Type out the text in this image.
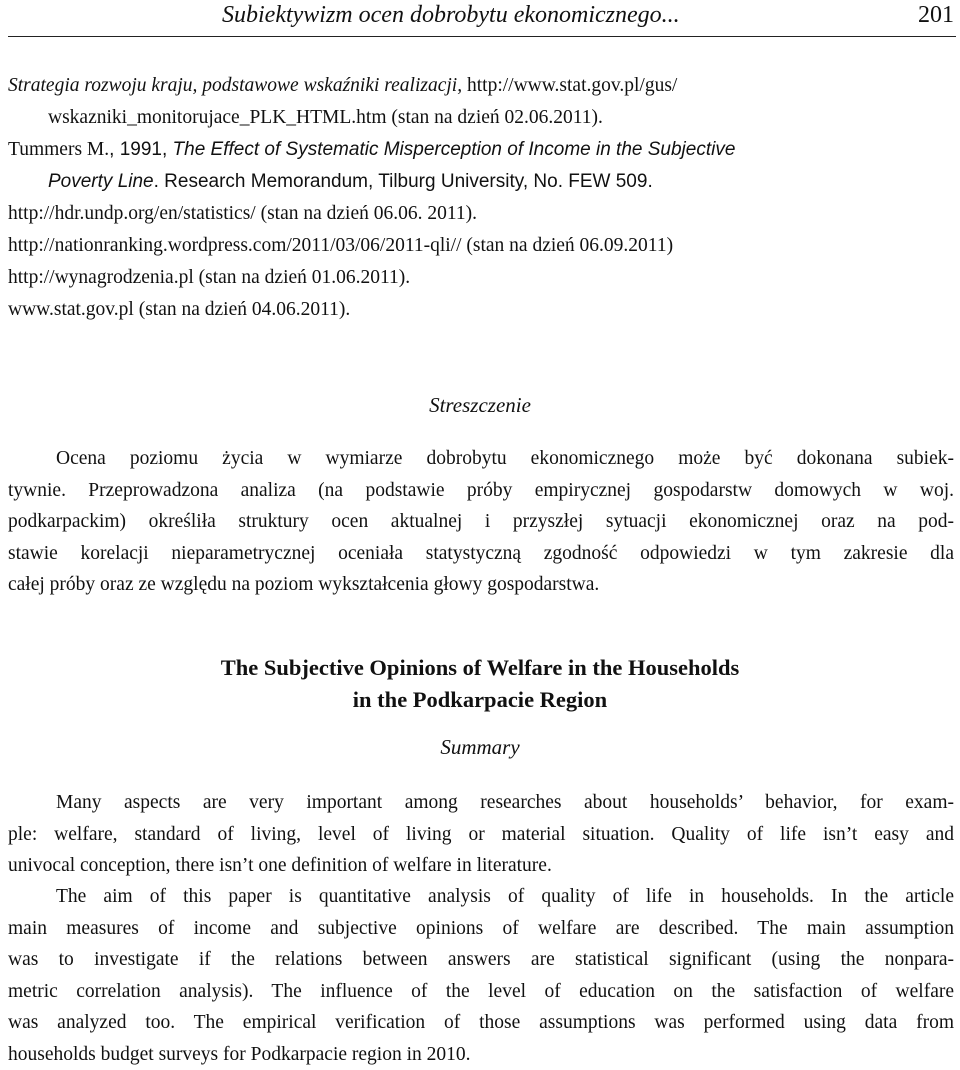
Subiektywizm ocen dobrobytu ekonomicznego...	201

Strategia rozwoju kraju, podstawowe wskaźniki realizacji, http://www.stat.gov.pl/gus/
wskazniki_monitorujace_PLK_HTML.htm (stan na dzień 02.06.2011).

Tummers M., 1991, The Effect of Systematic Misperception of Income in the Subjective
Poverty Line. Research Memorandum, Tilburg University, No. FEW 509.

http://hdr.undp.org/en/statistics/ (stan na dzień 06.06. 2011).

http://nationranking.wordpress.com/2011/03/06/2011-qli// (stan na dzień 06.09.2011)

http://wynagrodzenia.pl (stan na dzień 01.06.2011).

www.stat.gov.pl (stan na dzień 04.06.2011).

Streszczenie
Ocena poziomu życia w wymiarze dobrobytu ekonomicznego może być dokonana subiek-
tywnie. Przeprowadzona analiza (na podstawie próby empirycznej gospodarstw domowych w woj.
podkarpackim) określiła struktury ocen aktualnej i przyszłej sytuacji ekonomicznej oraz na pod-
stawie korelacji nieparametrycznej oceniała statystyczną zgodność odpowiedzi w tym zakresie dla
całej próby oraz ze względu na poziom wykształcenia głowy gospodarstwa.
The Subjective Opinions of Welfare in the Households
in the Podkarpacie Region
Summary
Many aspects are very important among researches about households’ behavior, for exam-
ple: welfare, standard of living, level of living or material situation. Quality of life isn’t easy and
univocal conception, there isn’t one definition of welfare in literature.
The aim of this paper is quantitative analysis of quality of life in households. In the article
main measures of income and subjective opinions of welfare are described. The main assumption
was to investigate if the relations between answers are statistical significant (using the nonpara-
metric correlation analysis). The influence of the level of education on the satisfaction of welfare
was analyzed too. The empirical verification of those assumptions was performed using data from
households budget surveys for Podkarpacie region in 2010.
